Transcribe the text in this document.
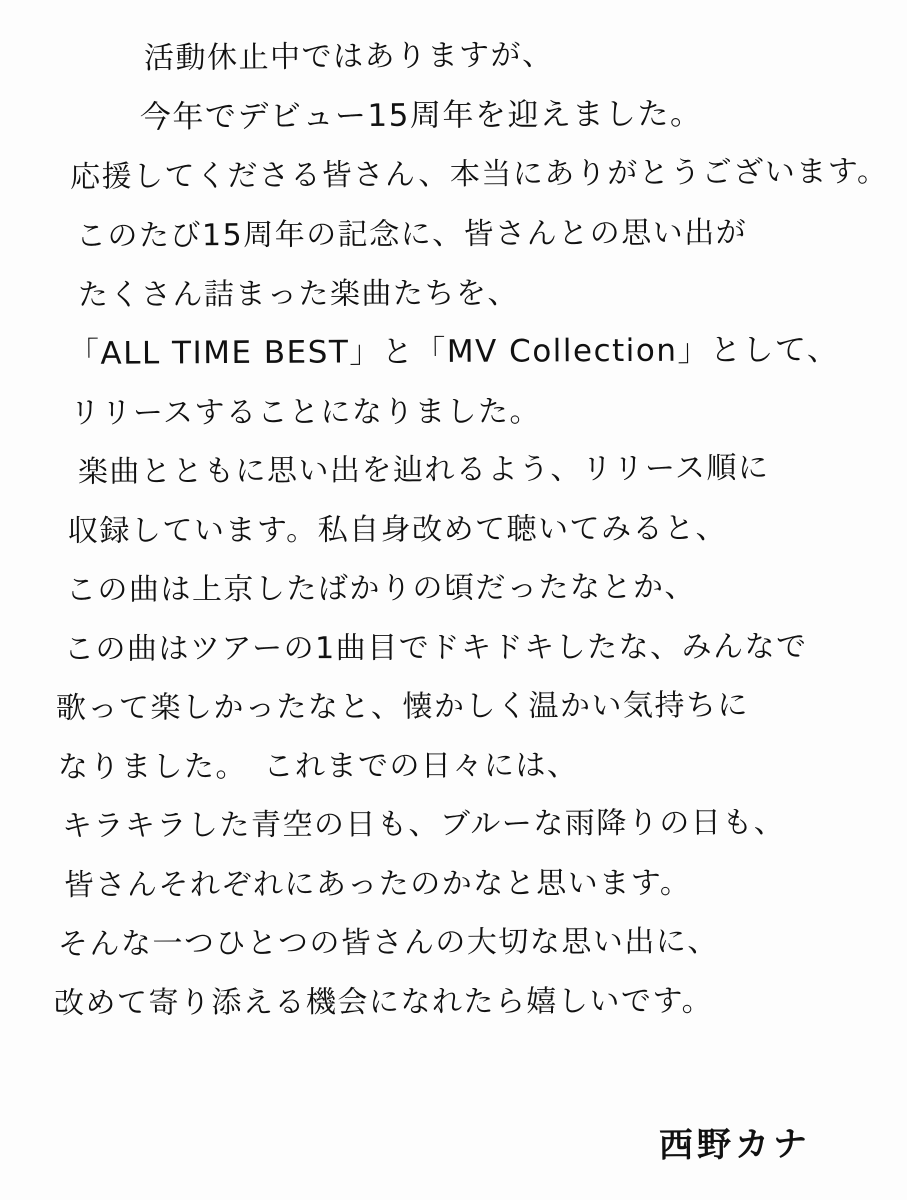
活動休止中ではありますが、
今年でデビュー15周年を迎えました。
応援してくださる皆さん、本当にありがとうございます。
このたび15周年の記念に、皆さんとの思い出が
たくさん詰まった楽曲たちを、
「ALL TIME BEST」と「MV Collection」として、
リリースすることになりました。
楽曲とともに思い出を辿れるよう、リリース順に
収録しています。私自身改めて聴いてみると、
この曲は上京したばかりの頃だったなとか、
この曲はツアーの1曲目でドキドキしたな、みんなで
歌って楽しかったなと、懐かしく温かい気持ちに
なりました。　これまでの日々には、
キラキラした青空の日も、ブルーな雨降りの日も、
皆さんそれぞれにあったのかなと思います。
そんな一つひとつの皆さんの大切な思い出に、
改めて寄り添える機会になれたら嬉しいです。
西野カナ
